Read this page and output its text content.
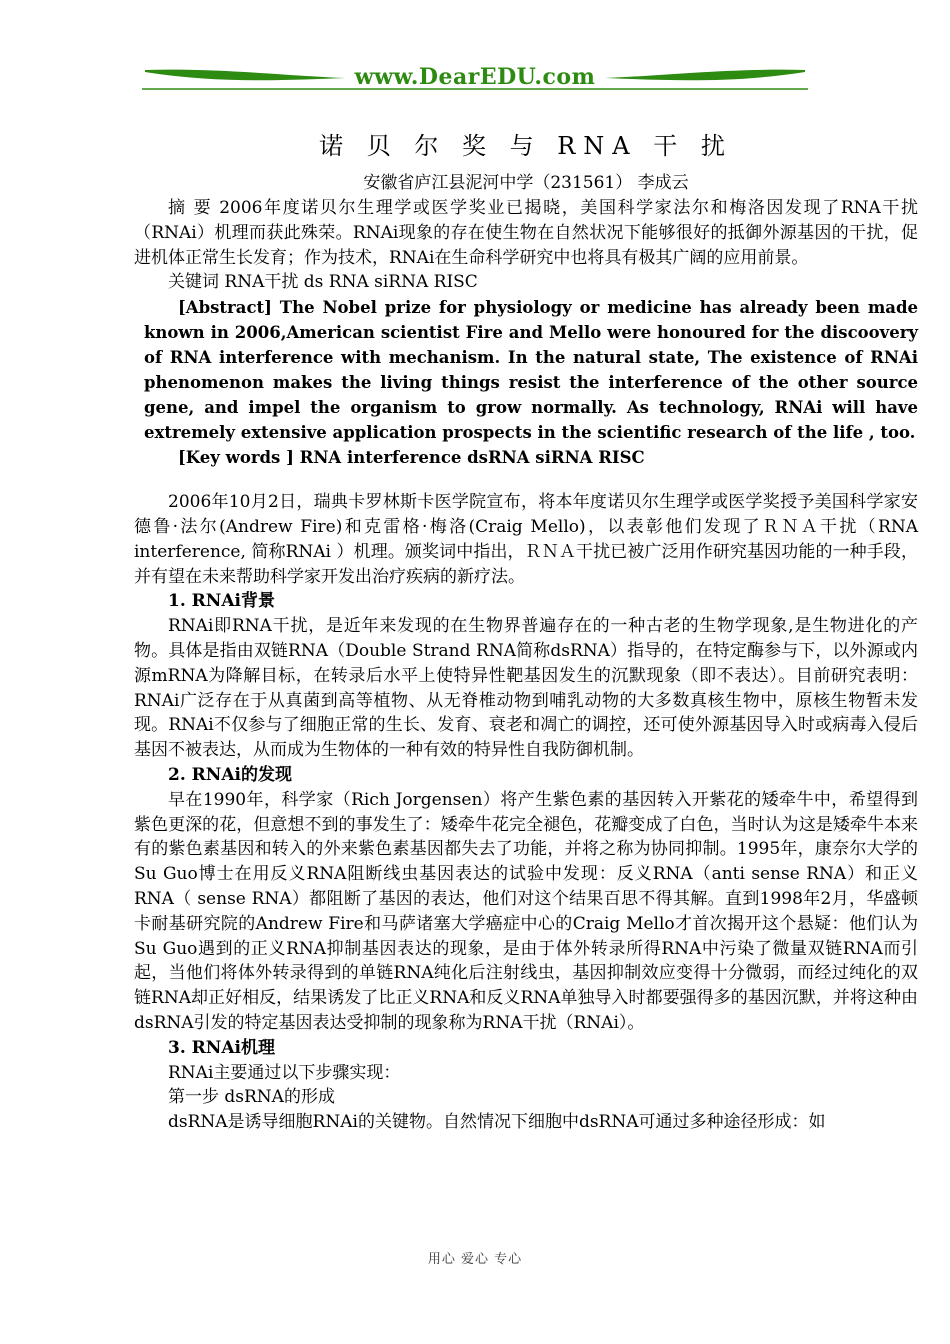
www.DearEDU.com
诺 贝 尔 奖 与 RNA 干 扰
安徽省庐江县泥河中学（231561） 李成云

摘 要 2006年度诺贝尔生理学或医学奖业已揭晓，美国科学家法尔和梅洛因发现了RNA干扰（RNAi）机理而获此殊荣。RNAi现象的存在使生物在自然状况下能够很好的抵御外源基因的干扰，促进机体正常生长发育；作为技术，RNAi在生命科学研究中也将具有极其广阔的应用前景。

关键词 RNA干扰 ds RNA siRNA RISC

[Abstract] The Nobel prize for physiology or medicine has already been made known in 2006,American scientist Fire and Mello were honoured for the discoovery of RNA interference with mechanism. In the natural state, The existence of RNAi phenomenon makes the living things resist the interference of the other source gene, and impel the organism to grow normally. As technology, RNAi will have extremely extensive application prospects in the scientific research of the life , too.

[Key words ] RNA interference dsRNA siRNA RISC

2006年10月2日，瑞典卡罗林斯卡医学院宣布，将本年度诺贝尔生理学或医学奖授予美国科学家安德鲁·法尔(Andrew Fire)和克雷格·梅洛(Craig Mello)，以表彰他们发现了ＲＮＡ干扰（RNA interference, 简称RNAi ）机理。颁奖词中指出，ＲＮＡ干扰已被广泛用作研究基因功能的一种手段，并有望在未来帮助科学家开发出治疗疾病的新疗法。

1. RNAi背景

RNAi即RNA干扰，是近年来发现的在生物界普遍存在的一种古老的生物学现象,是生物进化的产物。具体是指由双链RNA（Double Strand RNA简称dsRNA）指导的，在特定酶参与下，以外源或内源mRNA为降解目标，在转录后水平上使特异性靶基因发生的沉默现象（即不表达）。目前研究表明：RNAi广泛存在于从真菌到高等植物、从无脊椎动物到哺乳动物的大多数真核生物中，原核生物暂未发现。RNAi不仅参与了细胞正常的生长、发育、衰老和凋亡的调控，还可使外源基因导入时或病毒入侵后基因不被表达，从而成为生物体的一种有效的特异性自我防御机制。

2. RNAi的发现

早在1990年，科学家（Rich Jorgensen）将产生紫色素的基因转入开紫花的矮牵牛中，希望得到紫色更深的花，但意想不到的事发生了：矮牵牛花完全褪色，花瓣变成了白色，当时认为这是矮牵牛本来有的紫色素基因和转入的外来紫色素基因都失去了功能，并将之称为协同抑制。1995年，康奈尔大学的Su Guo博士在用反义RNA阻断线虫基因表达的试验中发现：反义RNA（anti sense RNA）和正义RNA（ sense RNA）都阻断了基因的表达，他们对这个结果百思不得其解。直到1998年2月，华盛顿卡耐基研究院的Andrew Fire和马萨诸塞大学癌症中心的Craig Mello才首次揭开这个悬疑：他们认为Su Guo遇到的正义RNA抑制基因表达的现象，是由于体外转录所得RNA中污染了微量双链RNA而引起，当他们将体外转录得到的单链RNA纯化后注射线虫，基因抑制效应变得十分微弱，而经过纯化的双链RNA却正好相反，结果诱发了比正义RNA和反义RNA单独导入时都要强得多的基因沉默，并将这种由dsRNA引发的特定基因表达受抑制的现象称为RNA干扰（RNAi）。

3. RNAi机理

RNAi主要通过以下步骤实现：

第一步 dsRNA的形成

dsRNA是诱导细胞RNAi的关键物。自然情况下细胞中dsRNA可通过多种途径形成：如

用心 爱心 专心
